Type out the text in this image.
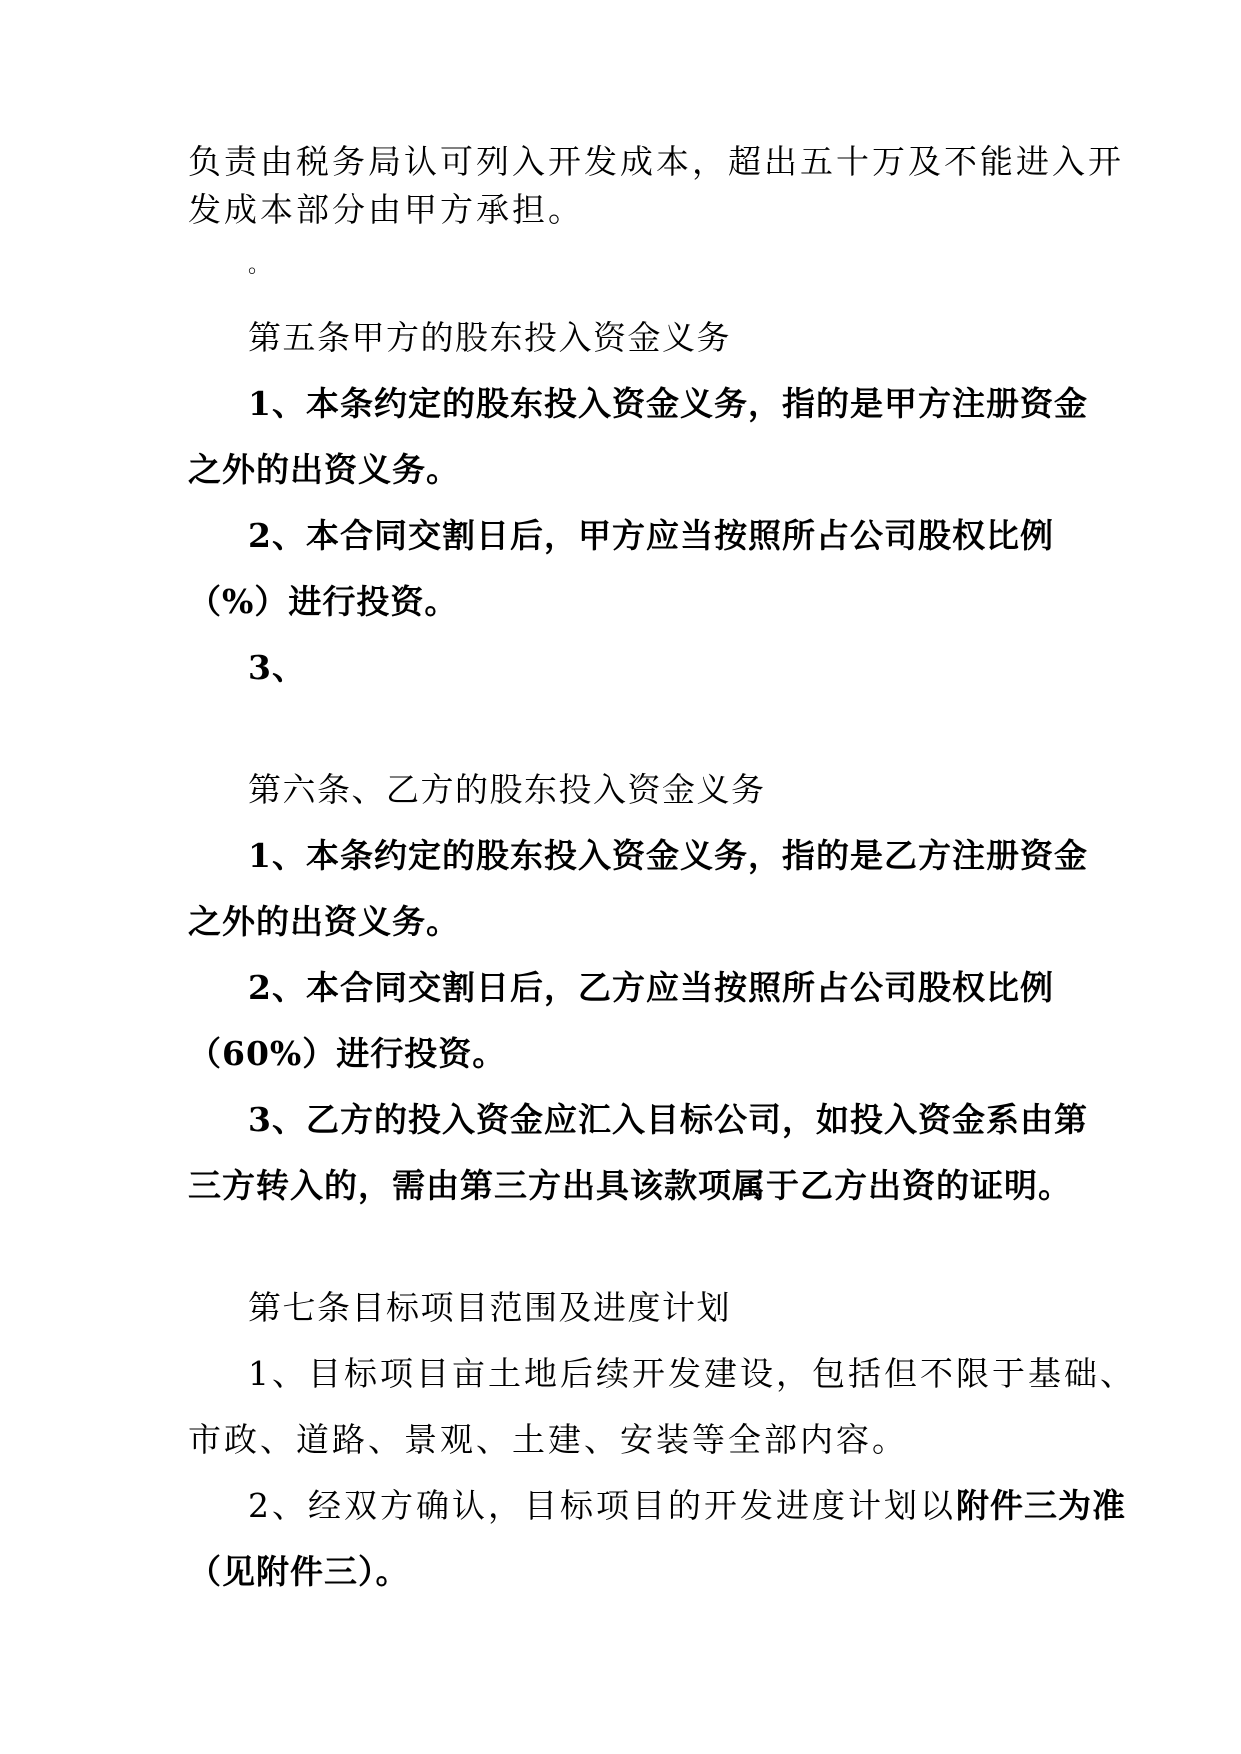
负责由税务局认可列入开发成本，超出五十万及不能进入开
发成本部分由甲方承担。
。
第五条甲方的股东投入资金义务
1、本条约定的股东投入资金义务，指的是甲方注册资金
之外的出资义务。
2、本合同交割日后，甲方应当按照所占公司股权比例
（%）进行投资。
3、
第六条、乙方的股东投入资金义务
1、本条约定的股东投入资金义务，指的是乙方注册资金
之外的出资义务。
2、本合同交割日后，乙方应当按照所占公司股权比例
（60%）进行投资。
3、乙方的投入资金应汇入目标公司，如投入资金系由第
三方转入的，需由第三方出具该款项属于乙方出资的证明。
第七条目标项目范围及进度计划
1、目标项目亩土地后续开发建设，包括但不限于基础、
市政、道路、景观、土建、安装等全部内容。
2、经双方确认，目标项目的开发进度计划以附件三为准
（见附件三）。
